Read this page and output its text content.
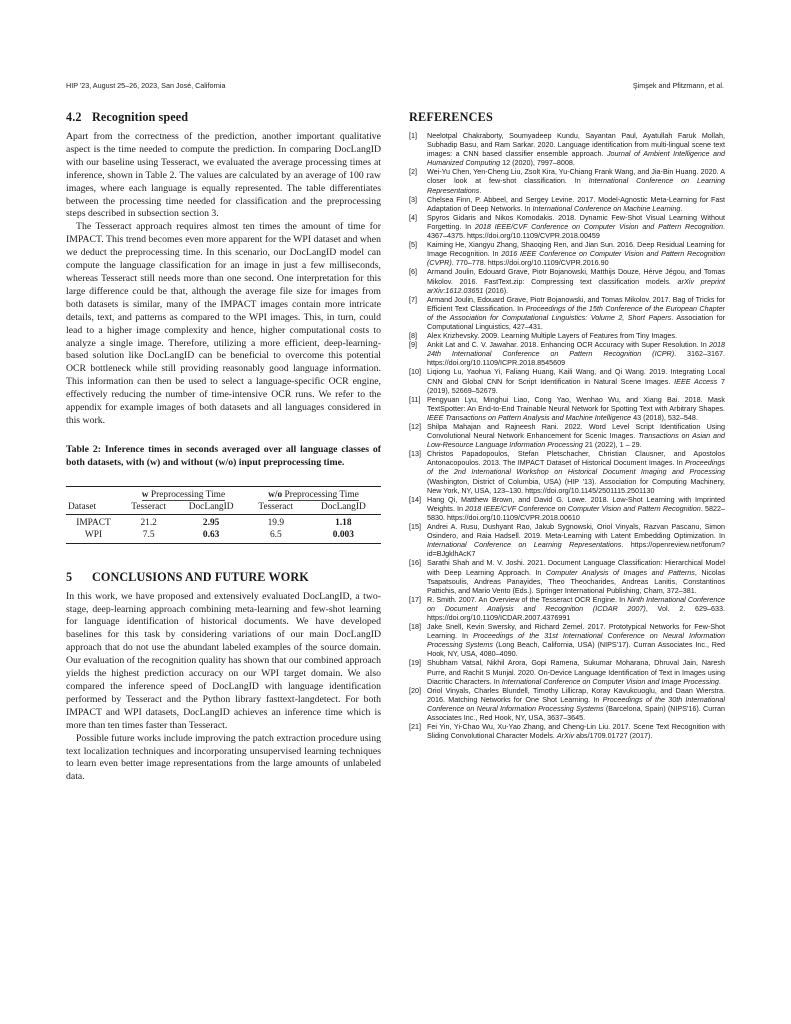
HIP '23, August 25–26, 2023, San José, California	Şimşek and Pfitzmann, et al.
4.2 Recognition speed

Apart from the correctness of the prediction, another important qualitative aspect is the time needed to compute the prediction. In comparing DocLangID with our baseline using Tesseract, we evaluated the average processing times at inference, shown in Table 2. The values are calculated by an average of 100 raw images, where each language is equally represented. The table differentiates between the processing time needed for classification and the preprocessing steps described in subsection section 3.

The Tesseract approach requires almost ten times the amount of time for IMPACT. This trend becomes even more apparent for the WPI dataset and when we deduct the preprocessing time. In this scenario, our DocLangID model can compute the language classification for an image in just a few milliseconds, whereas Tesseract still needs more than one second. One interpretation for this large difference could be that, although the average file size for images from both datasets is similar, many of the IMPACT images contain more intricate details, text, and patterns as compared to the WPI images. This, in turn, could lead to a higher image complexity and hence, higher computational costs to analyze a single image. Therefore, utilizing a more efficient, deep-learning-based solution like DocLangID can be beneficial to overcome this potential OCR bottleneck while still providing reasonably good language information. This information can then be used to select a language-specific OCR engine, effectively reducing the number of time-intensive OCR runs. We refer to the appendix for example images of both datasets and all languages considered in this work.

Table 2: Inference times in seconds averaged over all language classes of both datasets, with (w) and without (w/o) input preprocessing time.

	w Preprocessing Time		w/o Preprocessing Time	
Dataset	Tesseract	DocLangID	Tesseract	DocLangID
IMPACT	21.2	2.95	19.9	1.18
WPI	7.5	0.63	6.5	0.003
5 CONCLUSIONS AND FUTURE WORK

In this work, we have proposed and extensively evaluated DocLangID, a two-stage, deep-learning approach combining meta-learning and few-shot learning for language identification of historical documents. We have developed baselines for this task by considering variations of our main DocLangID approach that do not use the abundant labeled examples of the source domain. Our evaluation of the recognition quality has shown that our combined approach yields the highest prediction accuracy on our WPI target domain. We also compared the inference speed of DocLangID with language identification performed by Tesseract and the Python library fasttext-langdetect. For both IMPACT and WPI datasets, DocLangID achieves an inference time which is more than ten times faster than Tesseract.

Possible future works include improving the patch extraction procedure using text localization techniques and incorporating unsupervised learning techniques to learn even better image representations from the large amounts of unlabeled data.

REFERENCES
[1] Neelotpal Chakraborty, Soumyadeep Kundu, Sayantan Paul, Ayatullah Faruk Mollah, Subhadip Basu, and Ram Sarkar. 2020. Language identification from multi-lingual scene text images: a CNN based classifier ensemble approach. Journal of Ambient Intelligence and Humanized Computing 12 (2020), 7997–8008.
[2] Wei-Yu Chen, Yen-Cheng Liu, Zsolt Kira, Yu-Chiang Frank Wang, and Jia-Bin Huang. 2020. A closer look at few-shot classification. In International Conference on Learning Representations.
[3] Chelsea Finn, P. Abbeel, and Sergey Levine. 2017. Model-Agnostic Meta-Learning for Fast Adaptation of Deep Networks. In International Conference on Machine Learning.
[4] Spyros Gidaris and Nikos Komodakis. 2018. Dynamic Few-Shot Visual Learning Without Forgetting. In 2018 IEEE/CVF Conference on Computer Vision and Pattern Recognition. 4367–4375. https://doi.org/10.1109/CVPR.2018.00459
[5] Kaiming He, Xiangyu Zhang, Shaoqing Ren, and Jian Sun. 2016. Deep Residual Learning for Image Recognition. In 2016 IEEE Conference on Computer Vision and Pattern Recognition (CVPR). 770–778. https://doi.org/10.1109/CVPR.2016.90
[6] Armand Joulin, Edouard Grave, Piotr Bojanowski, Matthijs Douze, Hérve Jégou, and Tomas Mikolov. 2016. FastText.zip: Compressing text classification models. arXiv preprint arXiv:1612.03651 (2016).
[7] Armand Joulin, Edouard Grave, Piotr Bojanowski, and Tomas Mikolov. 2017. Bag of Tricks for Efficient Text Classification. In Proceedings of the 15th Conference of the European Chapter of the Association for Computational Linguistics: Volume 2, Short Papers. Association for Computational Linguistics, 427–431.
[8] Alex Krizhevsky. 2009. Learning Multiple Layers of Features from Tiny Images.
[9] Ankit Lat and C. V. Jawahar. 2018. Enhancing OCR Accuracy with Super Resolution. In 2018 24th International Conference on Pattern Recognition (ICPR). 3162–3167. https://doi.org/10.1109/ICPR.2018.8545609
[10] Liqiong Lu, Yaohua Yi, Faliang Huang, Kaili Wang, and Qi Wang. 2019. Integrating Local CNN and Global CNN for Script Identification in Natural Scene Images. IEEE Access 7 (2019), 52669–52679.
[11] Pengyuan Lyu, Minghui Liao, Cong Yao, Wenhao Wu, and Xiang Bai. 2018. Mask TextSpotter: An End-to-End Trainable Neural Network for Spotting Text with Arbitrary Shapes. IEEE Transactions on Pattern Analysis and Machine Intelligence 43 (2018), 532–548.
[12] Shilpa Mahajan and Rajneesh Rani. 2022. Word Level Script Identification Using Convolutional Neural Network Enhancement for Scenic Images. Transactions on Asian and Low-Resource Language Information Processing 21 (2022), 1 – 29.
[13] Christos Papadopoulos, Stefan Pletschacher, Christian Clausner, and Apostolos Antonacopoulos. 2013. The IMPACT Dataset of Historical Document Images. In Proceedings of the 2nd International Workshop on Historical Document Imaging and Processing (Washington, District of Columbia, USA) (HIP '13). Association for Computing Machinery, New York, NY, USA, 123–130. https://doi.org/10.1145/2501115.2501130
[14] Hang Qi, Matthew Brown, and David G. Lowe. 2018. Low-Shot Learning with Imprinted Weights. In 2018 IEEE/CVF Conference on Computer Vision and Pattern Recognition. 5822–5830. https://doi.org/10.1109/CVPR.2018.00610
[15] Andrei A. Rusu, Dushyant Rao, Jakub Sygnowski, Oriol Vinyals, Razvan Pascanu, Simon Osindero, and Raia Hadsell. 2019. Meta-Learning with Latent Embedding Optimization. In International Conference on Learning Representations. https://openreview.net/forum?id=BJgklhAcK7
[16] Sarathi Shah and M. V. Joshi. 2021. Document Language Classification: Hierarchical Model with Deep Learning Approach. In Computer Analysis of Images and Patterns, Nicolas Tsapatsoulis, Andreas Panayides, Theo Theocharides, Andreas Lanitis, Constantinos Pattichis, and Mario Vento (Eds.). Springer International Publishing, Cham, 372–381.
[17] R. Smith. 2007. An Overview of the Tesseract OCR Engine. In Ninth International Conference on Document Analysis and Recognition (ICDAR 2007), Vol. 2. 629–633. https://doi.org/10.1109/ICDAR.2007.4376991
[18] Jake Snell, Kevin Swersky, and Richard Zemel. 2017. Prototypical Networks for Few-Shot Learning. In Proceedings of the 31st International Conference on Neural Information Processing Systems (Long Beach, California, USA) (NIPS'17). Curran Associates Inc., Red Hook, NY, USA, 4080–4090.
[19] Shubham Vatsal, Nikhil Arora, Gopi Ramena, Sukumar Moharana, Dhruval Jain, Naresh Purre, and Rachit S Munjal. 2020. On-Device Language Identification of Text in Images using Diacritic Characters. In International Conference on Computer Vision and Image Processing.
[20] Oriol Vinyals, Charles Blundell, Timothy Lillicrap, Koray Kavukcuoglu, and Daan Wierstra. 2016. Matching Networks for One Shot Learning. In Proceedings of the 30th International Conference on Neural Information Processing Systems (Barcelona, Spain) (NIPS'16). Curran Associates Inc., Red Hook, NY, USA, 3637–3645.
[21] Fei Yin, Yi-Chao Wu, Xu-Yao Zhang, and Cheng-Lin Liu. 2017. Scene Text Recognition with Sliding Convolutional Character Models. ArXiv abs/1709.01727 (2017).
